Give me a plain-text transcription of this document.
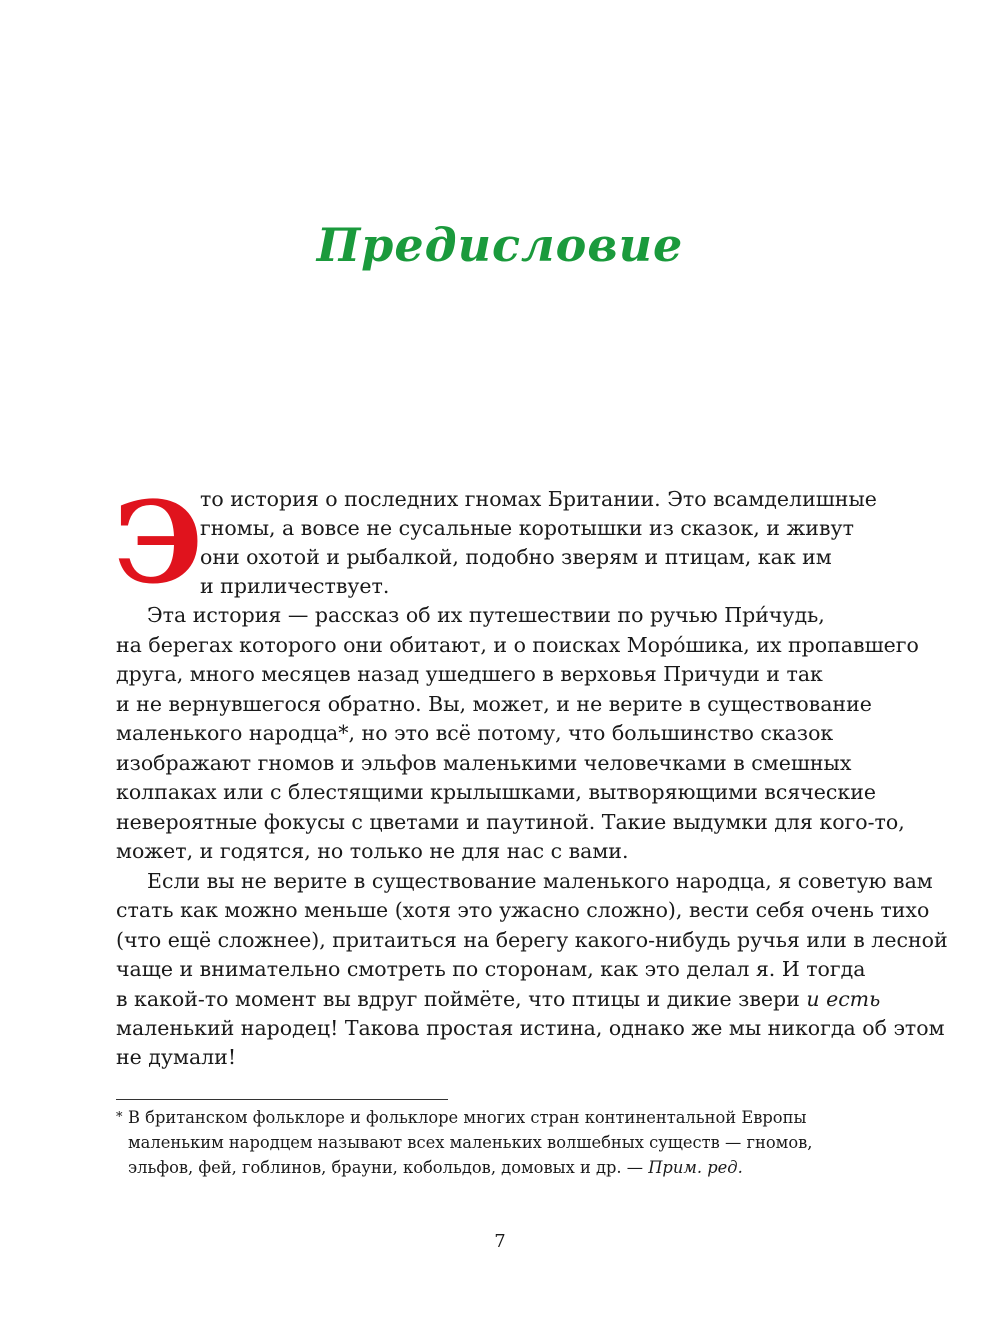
Предисловие
Э
то история о последних гномах Британии. Это всамделишные
гномы, а вовсе не сусальные коротышки из сказок, и живут
они охотой и рыбалкой, подобно зверям и птицам, как им
и приличествует.
Эта история — рассказ об их путешествии по ручью При́чудь,
на берегах которого они обитают, и о поисках Моро́шика, их пропавшего
друга, много месяцев назад ушедшего в верховья Причуди и так
и не вернувшегося обратно. Вы, может, и не верите в существование
маленького народца*, но это всё потому, что большинство сказок
изображают гномов и эльфов маленькими человечками в смешных
колпаках или с блестящими крылышками, вытворяющими всяческие
невероятные фокусы с цветами и паутиной. Такие выдумки для кого-то,
может, и годятся, но только не для нас с вами.
Если вы не верите в существование маленького народца, я советую вам
стать как можно меньше (хотя это ужасно сложно), вести себя очень тихо
(что ещё сложнее), притаиться на берегу какого-нибудь ручья или в лесной
чаще и внимательно смотреть по сторонам, как это делал я. И тогда
в какой-то момент вы вдруг поймёте, что птицы и дикие звери и есть
маленький народец! Такова простая истина, однако же мы никогда об этом
не думали!
* В британском фольклоре и фольклоре многих стран континентальной Европы
маленьким народцем называют всех маленьких волшебных существ — гномов,
эльфов, фей, гоблинов, брауни, кобольдов, домовых и др. — Прим. ред.
7
